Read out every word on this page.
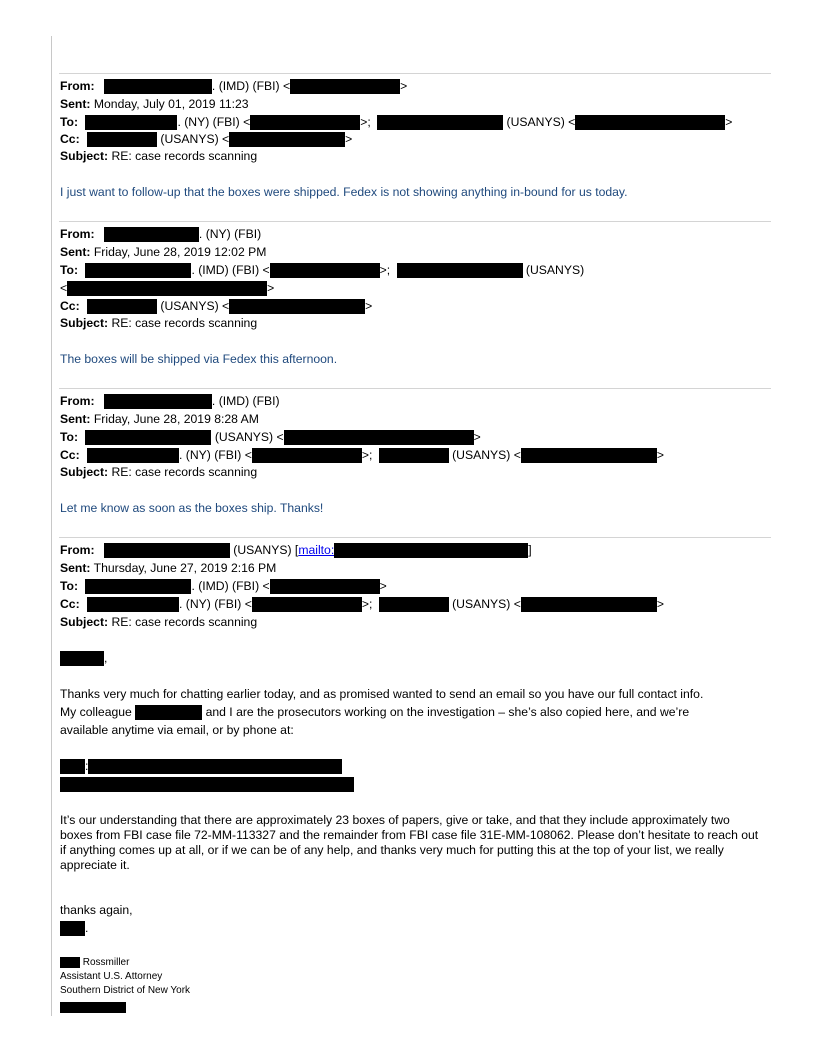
From:	. (IMD) (FBI) <	>
Sent: Monday, July 01, 2019 11:23
To:	. (NY) (FBI) <	>;	(USANYS) <	>
Cc:	(USANYS) <	>
Subject: RE: case records scanning
I just want to follow-up that the boxes were shipped. Fedex is not showing anything in-bound for us today.
From:	. (NY) (FBI)
Sent: Friday, June 28, 2019 12:02 PM
To:	. (IMD) (FBI) <	>;	(USANYS)
<	>
Cc:	(USANYS) <	>
Subject: RE: case records scanning
The boxes will be shipped via Fedex this afternoon.
From:	. (IMD) (FBI)
Sent: Friday, June 28, 2019 8:28 AM
To:	(USANYS) <	>
Cc:	. (NY) (FBI) <	>;	(USANYS) <	>
Subject: RE: case records scanning
Let me know as soon as the boxes ship. Thanks!
From:	(USANYS) [mailto:	]
Sent: Thursday, June 27, 2019 2:16 PM
To:	. (IMD) (FBI) <	>
Cc:	. (NY) (FBI) <	>;	(USANYS) <	>
Subject: RE: case records scanning
,
Thanks very much for chatting earlier today, and as promised wanted to send an email so you have our full contact info.
My colleague	and I are the prosecutors working on the investigation – she’s also copied here, and we’re
available anytime via email, or by phone at:
:
It’s our understanding that there are approximately 23 boxes of papers, give or take, and that they include approximately two boxes from FBI case file 72-MM-113327 and the remainder from FBI case file 31E-MM-108062. Please don’t hesitate to reach out if anything comes up at all, or if we can be of any help, and thanks very much for putting this at the top of your list, we really appreciate it.
thanks again,
.
Rossmiller
Assistant U.S. Attorney
Southern District of New York
